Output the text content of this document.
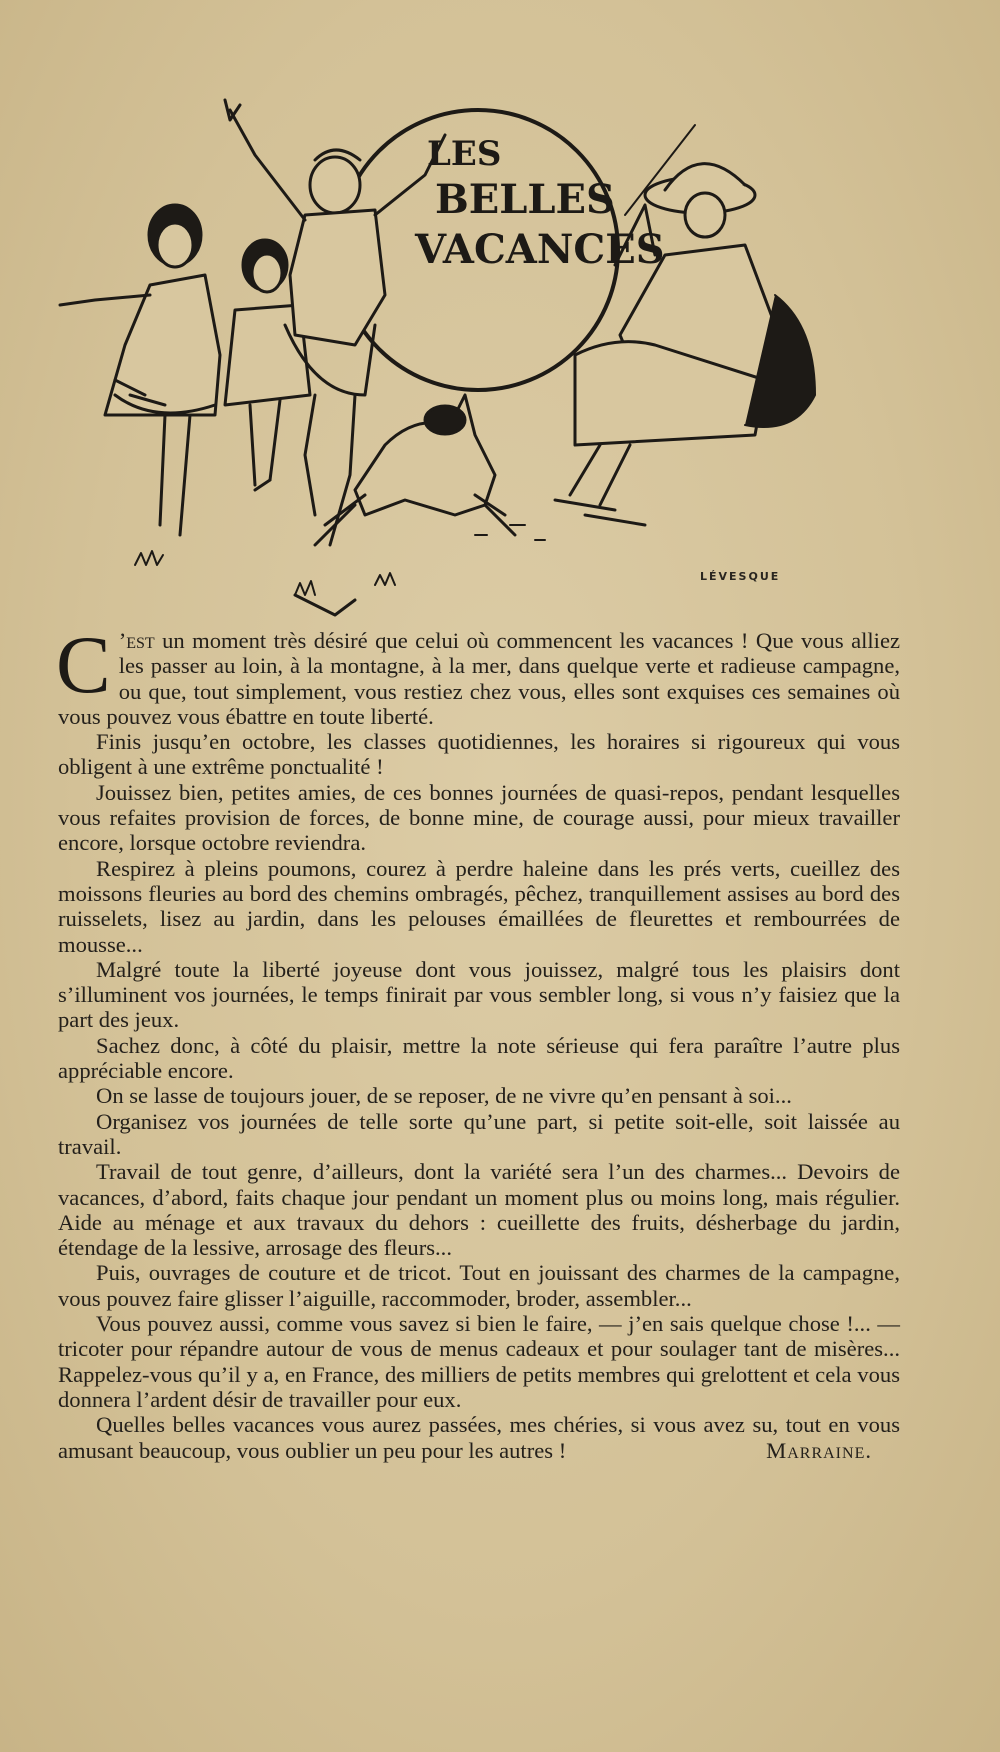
LES
BELLES
VACANCES
LÉVESQUE

C ’est un moment très désiré que celui où commencent les vacances ! Que vous alliez les passer au loin, à la montagne, à la mer, dans quelque verte et radieuse campagne, ou que, tout simplement, vous restiez chez vous, elles sont exquises ces semaines où vous pouvez vous ébattre en toute liberté.

Finis jusqu’en octobre, les classes quotidiennes, les horaires si rigoureux qui vous obligent à une extrême ponctualité !

Jouissez bien, petites amies, de ces bonnes journées de quasi-repos, pendant lesquelles vous refaites provision de forces, de bonne mine, de courage aussi, pour mieux travailler encore, lorsque octobre reviendra.

Respirez à pleins poumons, courez à perdre haleine dans les prés verts, cueillez des moissons fleuries au bord des chemins ombragés, pêchez, tranquillement assises au bord des ruisselets, lisez au jardin, dans les pelouses émaillées de fleurettes et rembourrées de mousse...

Malgré toute la liberté joyeuse dont vous jouissez, malgré tous les plaisirs dont s’illuminent vos journées, le temps finirait par vous sembler long, si vous n’y faisiez que la part des jeux.

Sachez donc, à côté du plaisir, mettre la note sérieuse qui fera paraître l’autre plus appréciable encore.

On se lasse de toujours jouer, de se reposer, de ne vivre qu’en pensant à soi...

Organisez vos journées de telle sorte qu’une part, si petite soit-elle, soit laissée au travail.

Travail de tout genre, d’ailleurs, dont la variété sera l’un des charmes... Devoirs de vacances, d’abord, faits chaque jour pendant un moment plus ou moins long, mais régulier. Aide au ménage et aux travaux du dehors : cueillette des fruits, désherbage du jardin, étendage de la lessive, arrosage des fleurs...

Puis, ouvrages de couture et de tricot. Tout en jouissant des charmes de la campagne, vous pouvez faire glisser l’aiguille, raccommoder, broder, assembler...

Vous pouvez aussi, comme vous savez si bien le faire, — j’en sais quelque chose !... — tricoter pour répandre autour de vous de menus cadeaux et pour soulager tant de misères... Rappelez-vous qu’il y a, en France, des milliers de petits membres qui grelottent et cela vous donnera l’ardent désir de travailler pour eux.

Quelles belles vacances vous aurez passées, mes chéries, si vous avez su, tout en vous amusant beaucoup, vous oublier un peu pour les autres !	Marraine.
